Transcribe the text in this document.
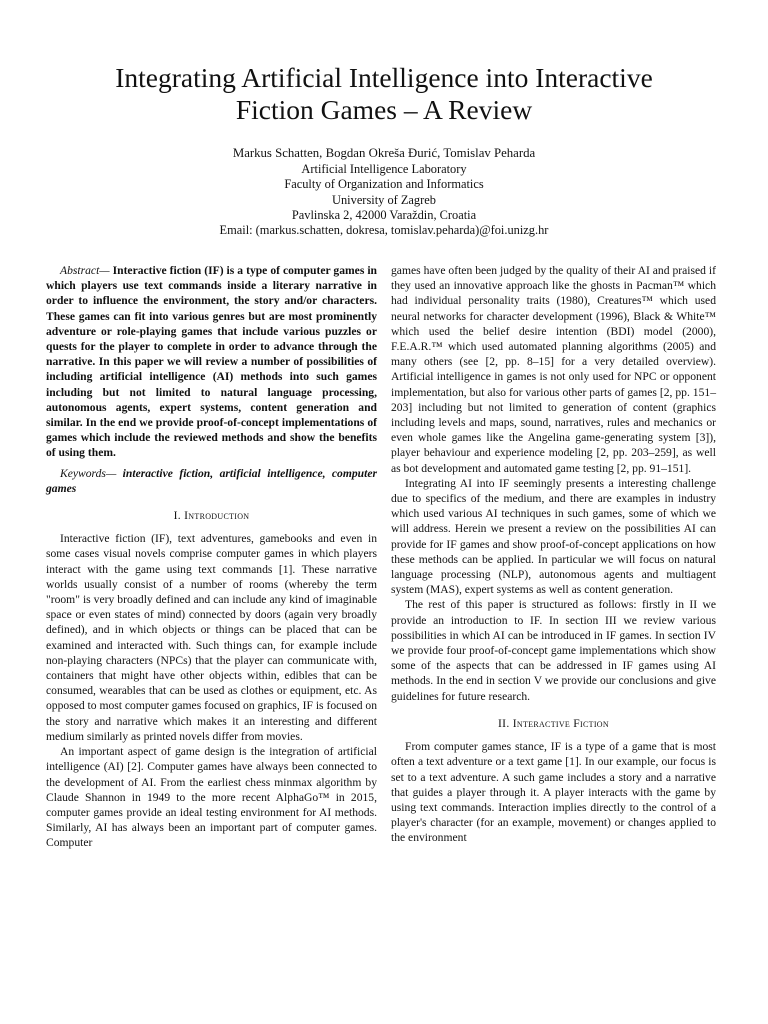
Integrating Artificial Intelligence into Interactive
Fiction Games – A Review
Markus Schatten, Bogdan Okreša Ðurić, Tomislav Peharda
Artificial Intelligence Laboratory
Faculty of Organization and Informatics
University of Zagreb
Pavlinska 2, 42000 Varaždin, Croatia
Email: (markus.schatten, dokresa, tomislav.peharda)@foi.unizg.hr

Abstract— Interactive fiction (IF) is a type of computer games in which players use text commands inside a literary narrative in order to influence the environment, the story and/or characters. These games can fit into various genres but are most prominently adventure or role-playing games that include various puzzles or quests for the player to complete in order to advance through the narrative. In this paper we will review a number of possibilities of including artificial intelligence (AI) methods into such games including but not limited to natural language processing, autonomous agents, expert systems, content generation and similar. In the end we provide proof-of-concept implementations of games which include the reviewed methods and show the benefits of using them.

Keywords— interactive fiction, artificial intelligence, computer games

I. Introduction

Interactive fiction (IF), text adventures, gamebooks and even in some cases visual novels comprise computer games in which players interact with the game using text commands [1]. These narrative worlds usually consist of a number of rooms (whereby the term "room" is very broadly defined and can include any kind of imaginable space or even states of mind) connected by doors (again very broadly defined), and in which objects or things can be placed that can be examined and interacted with. Such things can, for example include non-playing characters (NPCs) that the player can communicate with, containers that might have other objects within, edibles that can be consumed, wearables that can be used as clothes or equipment, etc. As opposed to most computer games focused on graphics, IF is focused on the story and narrative which makes it an interesting and different medium similarly as printed novels differ from movies.

An important aspect of game design is the integration of artificial intelligence (AI) [2]. Computer games have always been connected to the development of AI. From the earliest chess minmax algorithm by Claude Shannon in 1949 to the more recent AlphaGo™ in 2015, computer games provide an ideal testing environment for AI methods. Similarly, AI has always been an important part of computer games. Computer

games have often been judged by the quality of their AI and praised if they used an innovative approach like the ghosts in Pacman™ which had individual personality traits (1980), Creatures™ which used neural networks for character development (1996), Black & White™ which used the belief desire intention (BDI) model (2000), F.E.A.R.™ which used automated planning algorithms (2005) and many others (see [2, pp. 8–15] for a very detailed overview). Artificial intelligence in games is not only used for NPC or opponent implementation, but also for various other parts of games [2, pp. 151–203] including but not limited to generation of content (graphics including levels and maps, sound, narratives, rules and mechanics or even whole games like the Angelina game-generating system [3]), player behaviour and experience modeling [2, pp. 203–259], as well as bot development and automated game testing [2, pp. 91–151].

Integrating AI into IF seemingly presents a interesting challenge due to specifics of the medium, and there are examples in industry which used various AI techniques in such games, some of which we will address. Herein we present a review on the possibilities AI can provide for IF games and show proof-of-concept applications on how these methods can be applied. In particular we will focus on natural language processing (NLP), autonomous agents and multiagent system (MAS), expert systems as well as content generation.

The rest of this paper is structured as follows: firstly in II we provide an introduction to IF. In section III we review various possibilities in which AI can be introduced in IF games. In section IV we provide four proof-of-concept game implementations which show some of the aspects that can be addressed in IF games using AI methods. In the end in section V we provide our conclusions and give guidelines for future research.

II. Interactive Fiction

From computer games stance, IF is a type of a game that is most often a text adventure or a text game [1]. In our example, our focus is set to a text adventure. A such game includes a story and a narrative that guides a player through it. A player interacts with the game by using text commands. Interaction implies directly to the control of a player's character (for an example, movement) or changes applied to the environment
